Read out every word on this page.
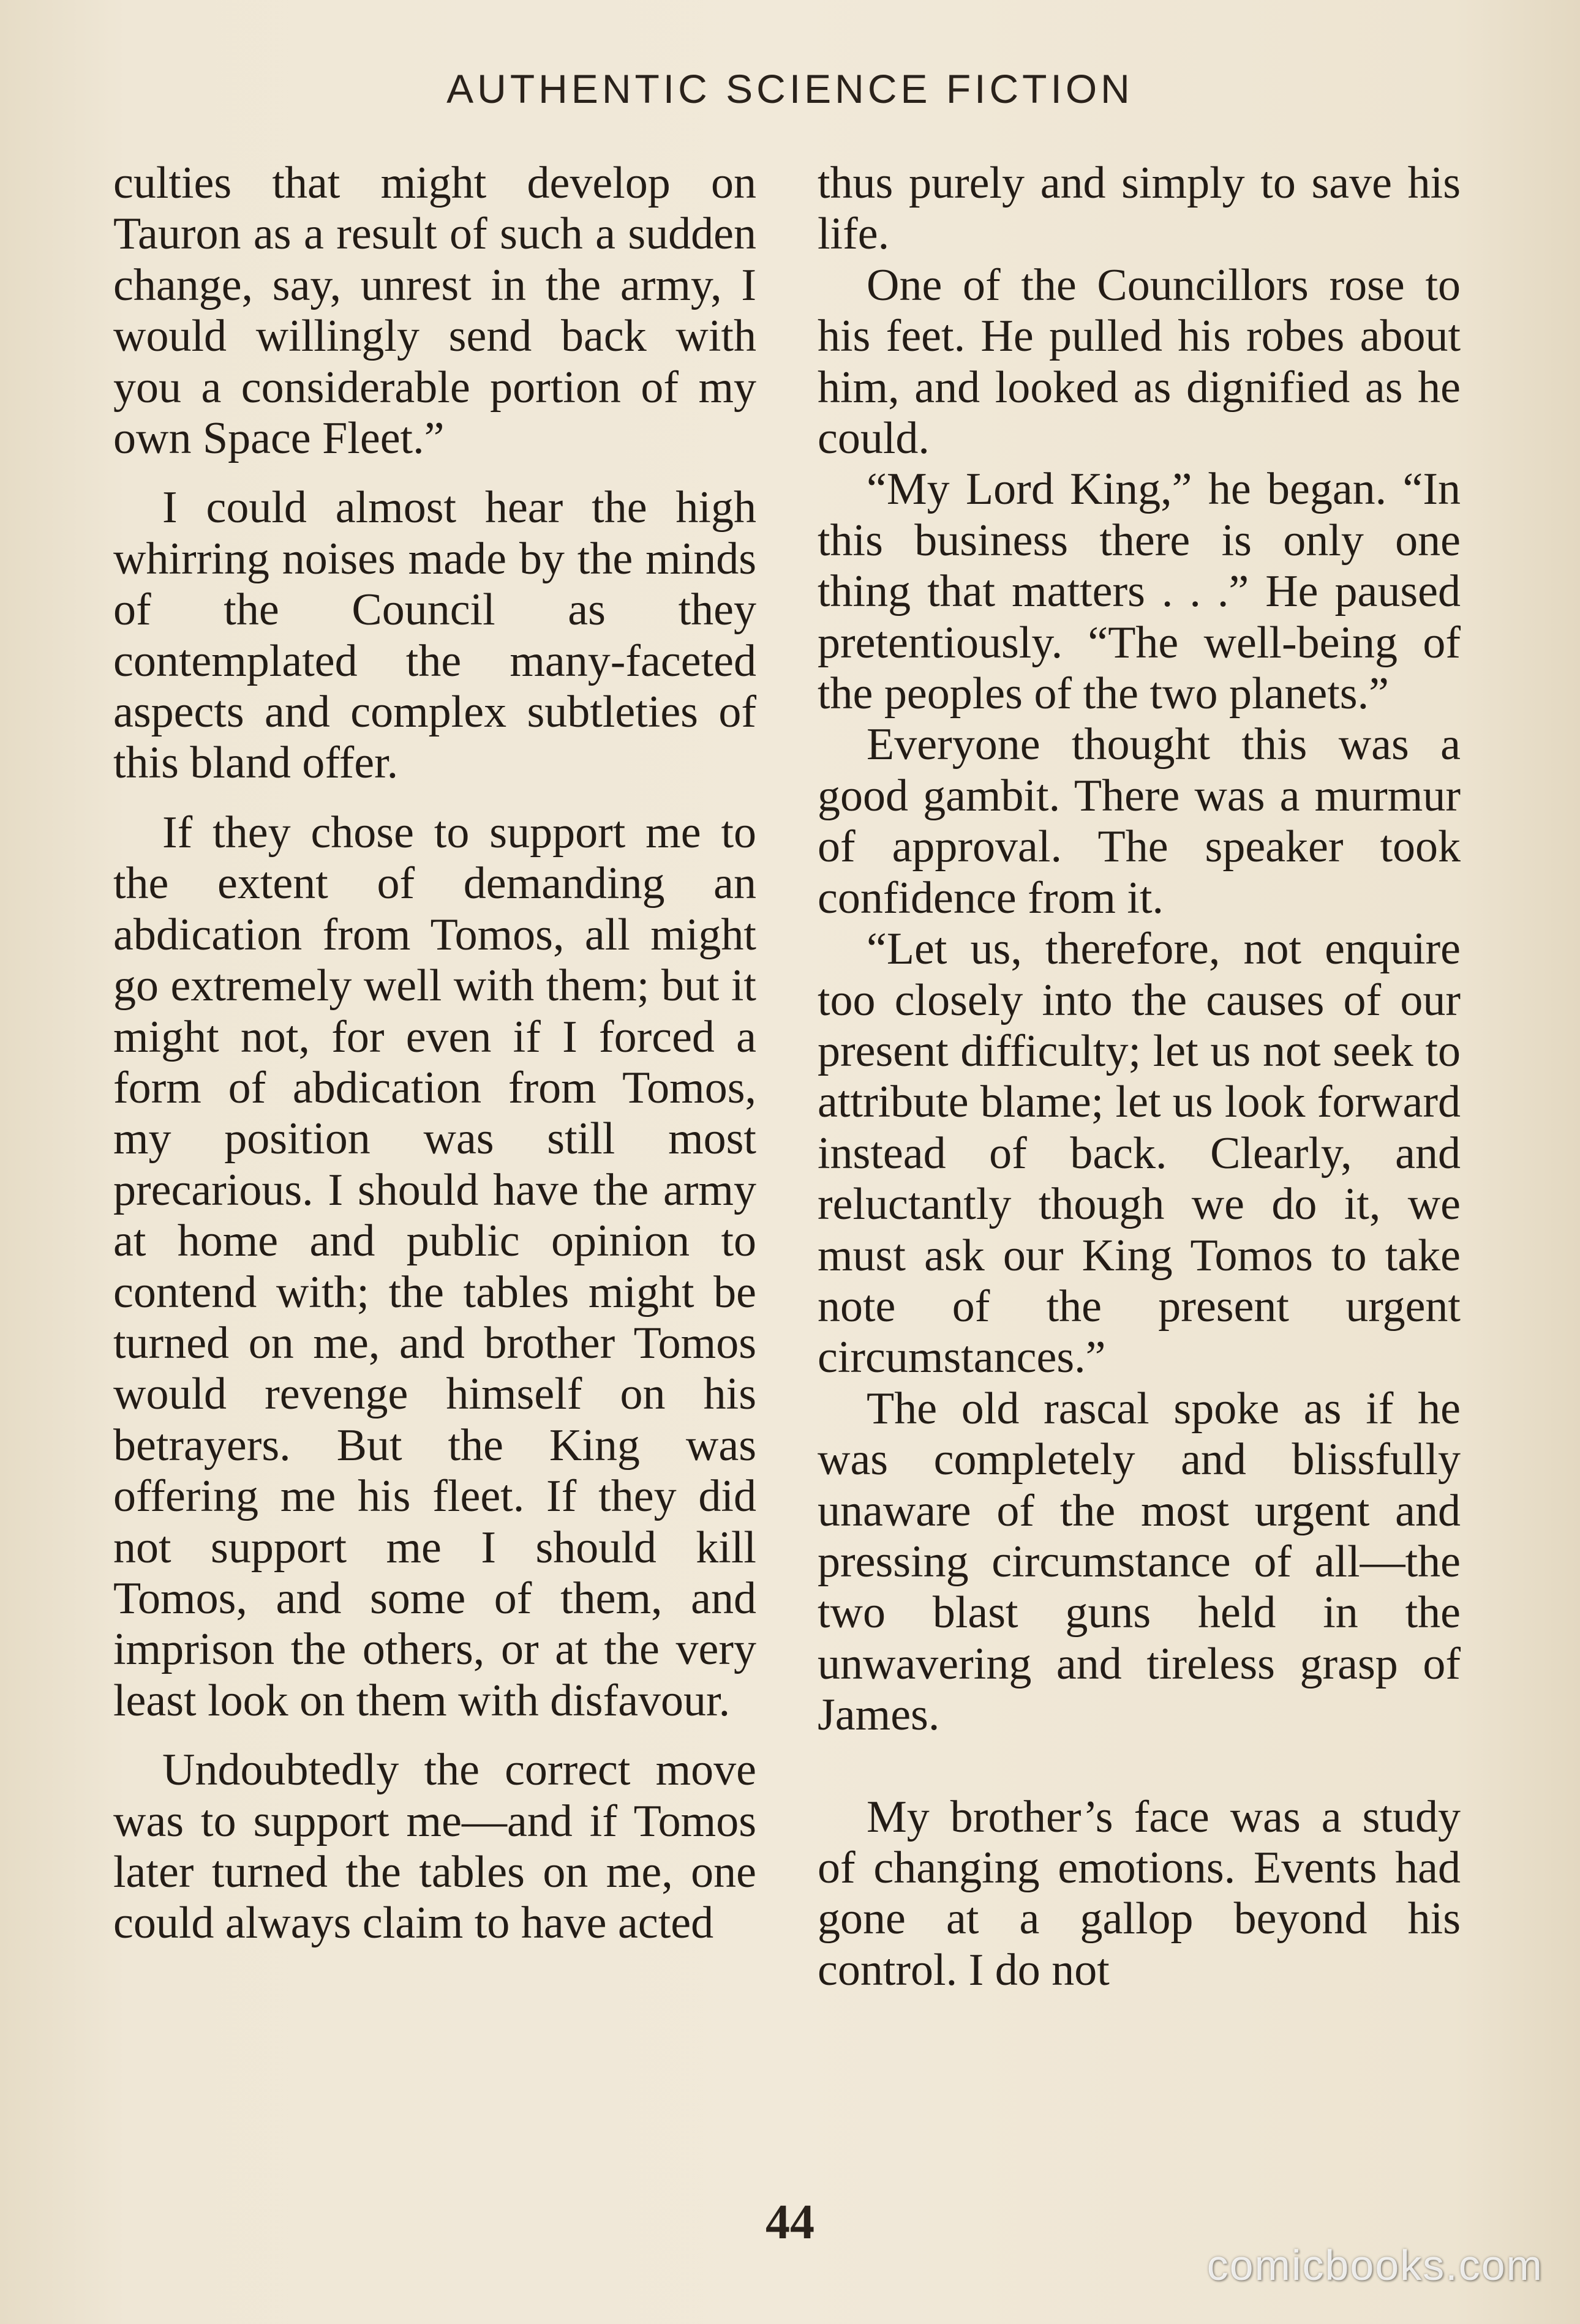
AUTHENTIC SCIENCE FICTION

culties that might develop on Tauron as a result of such a sudden change, say, unrest in the army, I would willingly send back with you a considerable portion of my own Space Fleet.”

I could almost hear the high whirring noises made by the minds of the Council as they contemplated the many-faceted aspects and complex subtleties of this bland offer.

If they chose to support me to the extent of demanding an abdication from Tomos, all might go extremely well with them; but it might not, for even if I forced a form of abdication from Tomos, my position was still most precarious. I should have the army at home and public opinion to contend with; the tables might be turned on me, and brother Tomos would revenge himself on his betrayers. But the King was offering me his fleet. If they did not support me I should kill Tomos, and some of them, and imprison the others, or at the very least look on them with disfavour.

Undoubtedly the correct move was to support me—and if Tomos later turned the tables on me, one could always claim to have acted

thus purely and simply to save his life.

One of the Councillors rose to his feet. He pulled his robes about him, and looked as dignified as he could.

“My Lord King,” he began. “In this business there is only one thing that matters . . .” He paused pretentiously. “The well-being of the peoples of the two planets.”

Everyone thought this was a good gambit. There was a murmur of approval. The speaker took confidence from it.

“Let us, therefore, not enquire too closely into the causes of our present difficulty; let us not seek to attribute blame; let us look forward instead of back. Clearly, and reluctantly though we do it, we must ask our King Tomos to take note of the present urgent circumstances.”

The old rascal spoke as if he was completely and blissfully unaware of the most urgent and pressing circumstance of all—the two blast guns held in the unwavering and tireless grasp of James.

My brother’s face was a study of changing emotions. Events had gone at a gallop beyond his control. I do not

44
comicbooks.com
